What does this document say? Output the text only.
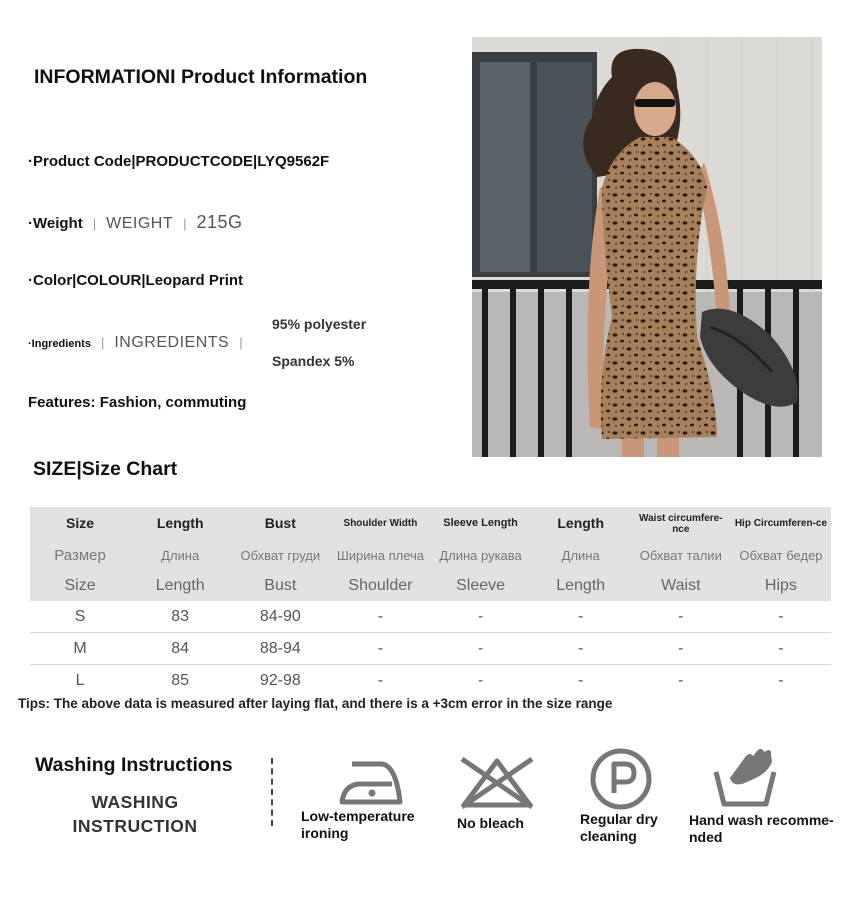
INFORMATIONI Product Information
·Product Code|PRODUCTCODE|LYQ9562F
·Weight | WEIGHT | 215G
·Color|COLOUR|Leopard Print
·Ingredients | INGREDIENTS |
95% polyester
Spandex 5%
Features: Fashion, commuting
SIZE|Size Chart
Size	Length	Bust	Shoulder Width	Sleeve Length	Length	Waist circumfere-nce	Hip Circumferen-ce
Размер	Длина	Обхват груди	Ширина плеча	Длина рукава	Длина	Обхват талии	Обхват бедер
Size	Length	Bust	Shoulder	Sleeve	Length	Waist	Hips
S	83	84-90	-	-	-	-	-
M	84	88-94	-	-	-	-	-
L	85	92-98	-	-	-	-	-
Tips: The above data is measured after laying flat, and there is a +3cm error in the size range
Washing Instructions
WASHING
INSTRUCTION	Low-temperature
ironing
No bleach	Regular dry
cleaning
Hand wash recomme-
nded
